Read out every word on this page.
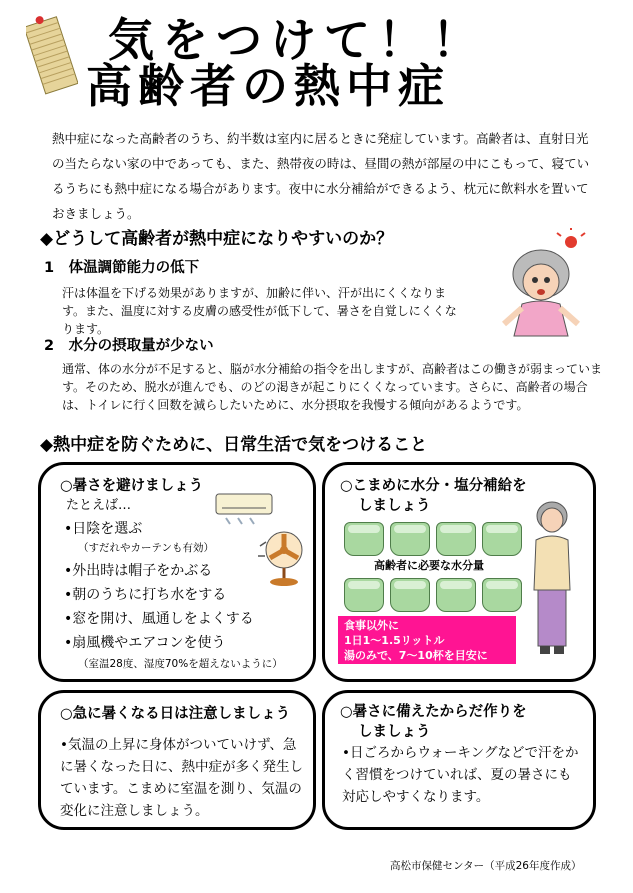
気をつけて！！
高齢者の熱中症
熱中症になった高齢者のうち、約半数は室内に居るときに発症しています。高齢者は、直射日光の当たらない家の中であっても、また、熱帯夜の時は、昼間の熱が部屋の中にこもって、寝ているうちにも熱中症になる場合があります。夜中に水分補給ができるよう、枕元に飲料水を置いておきましょう。
◆どうして高齢者が熱中症になりやすいのか？
1　体温調節能力の低下
汗は体温を下げる効果がありますが、加齢に伴い、汗が出にくくなります。また、温度に対する皮膚の感受性が低下して、暑さを自覚しにくくなります。
2　水分の摂取量が少ない
通常、体の水分が不足すると、脳が水分補給の指令を出しますが、高齢者はこの働きが弱まっています。そのため、脱水が進んでも、のどの渇きが起こりにくくなっています。さらに、高齢者の場合は、トイレに行く回数を減らしたいために、水分摂取を我慢する傾向があるようです。
◆熱中症を防ぐために、日常生活で気をつけること
○暑さを避けましょう
たとえば…
•日陰を選ぶ
（すだれやカーテンも有効）
•外出時は帽子をかぶる
•朝のうちに打ち水をする
•窓を開け、風通しをよくする
•扇風機やエアコンを使う
（室温28度、湿度70%を超えないように）
○こまめに水分・塩分補給を
しましょう
高齢者に必要な水分量
食事以外に
1日1～1.5リットル
湯のみで、7～10杯を目安に
○急に暑くなる日は注意しましょう
•気温の上昇に身体がついていけず、急に暑くなった日に、熱中症が多く発生しています。こまめに室温を測り、気温の変化に注意しましょう。
○暑さに備えたからだ作りを
しましょう
•日ごろからウォーキングなどで汗をかく習慣をつけていれば、夏の暑さにも対応しやすくなります。
高松市保健センター（平成26年度作成）
